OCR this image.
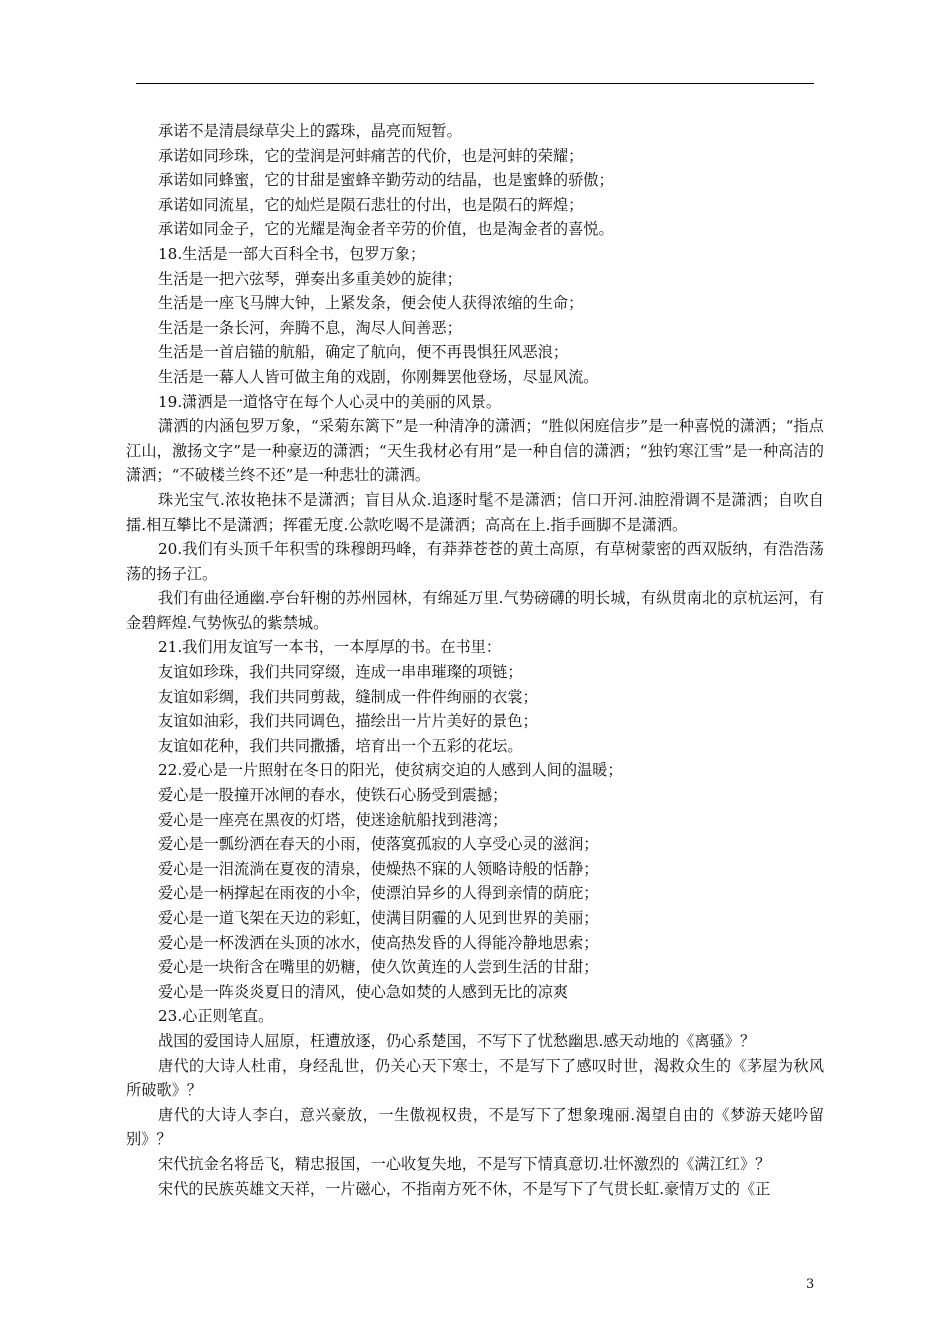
承诺不是清晨绿草尖上的露珠，晶亮而短暂。

承诺如同珍珠，它的莹润是河蚌痛苦的代价，也是河蚌的荣耀；

承诺如同蜂蜜，它的甘甜是蜜蜂辛勤劳动的结晶，也是蜜蜂的骄傲；

承诺如同流星，它的灿烂是陨石悲壮的付出，也是陨石的辉煌；

承诺如同金子，它的光耀是淘金者辛劳的价值，也是淘金者的喜悦。

18.生活是一部大百科全书，包罗万象；

生活是一把六弦琴，弹奏出多重美妙的旋律；

生活是一座飞马牌大钟，上紧发条，便会使人获得浓缩的生命；

生活是一条长河，奔腾不息，淘尽人间善恶；

生活是一首启锚的航船，确定了航向，便不再畏惧狂风恶浪；

生活是一幕人人皆可做主角的戏剧，你刚舞罢他登场，尽显风流。

19.潇洒是一道恪守在每个人心灵中的美丽的风景。

潇洒的内涵包罗万象，“采菊东篱下”是一种清净的潇洒；“胜似闲庭信步”是一种喜悦的潇洒；“指点江山，激扬文字”是一种豪迈的潇洒；“天生我材必有用”是一种自信的潇洒；“独钓寒江雪”是一种高洁的潇洒；“不破楼兰终不还”是一种悲壮的潇洒。

珠光宝气.浓妆艳抹不是潇洒；盲目从众.追逐时髦不是潇洒；信口开河.油腔滑调不是潇洒；自吹自擂.相互攀比不是潇洒；挥霍无度.公款吃喝不是潇洒；高高在上.指手画脚不是潇洒。

20.我们有头顶千年积雪的珠穆朗玛峰，有莽莽苍苍的黄土高原，有草树蒙密的西双版纳，有浩浩荡荡的扬子江。

我们有曲径通幽.亭台轩榭的苏州园林，有绵延万里.气势磅礴的明长城，有纵贯南北的京杭运河，有金碧辉煌.气势恢弘的紫禁城。

21.我们用友谊写一本书，一本厚厚的书。在书里：

友谊如珍珠，我们共同穿缀，连成一串串璀璨的项链；

友谊如彩绸，我们共同剪裁，缝制成一件件绚丽的衣裳；

友谊如油彩，我们共同调色，描绘出一片片美好的景色；

友谊如花种，我们共同撒播，培育出一个五彩的花坛。

22.爱心是一片照射在冬日的阳光，使贫病交迫的人感到人间的温暖；

爱心是一股撞开冰闸的春水，使铁石心肠受到震撼；

爱心是一座亮在黑夜的灯塔，使迷途航船找到港湾；

爱心是一瓢纷洒在春天的小雨，使落寞孤寂的人享受心灵的滋润；

爱心是一泪流淌在夏夜的清泉，使燥热不寐的人领略诗般的恬静；

爱心是一柄撑起在雨夜的小伞，使漂泊异乡的人得到亲情的荫庇；

爱心是一道飞架在天边的彩虹，使满目阴霾的人见到世界的美丽；

爱心是一杯泼洒在头顶的冰水，使高热发昏的人得能冷静地思索；

爱心是一块衔含在嘴里的奶糖，使久饮黄连的人尝到生活的甘甜；

爱心是一阵炎炎夏日的清风，使心急如焚的人感到无比的凉爽

23.心正则笔直。

战国的爱国诗人屈原，枉遭放逐，仍心系楚国，不写下了忧愁幽思.感天动地的《离骚》？

唐代的大诗人杜甫，身经乱世，仍关心天下寒士，不是写下了感叹时世，渴救众生的《茅屋为秋风所破歌》？

唐代的大诗人李白，意兴豪放，一生傲视权贵，不是写下了想象瑰丽.渴望自由的《梦游天姥吟留别》？

宋代抗金名将岳飞，精忠报国，一心收复失地，不是写下情真意切.壮怀激烈的《满江红》？

宋代的民族英雄文天祥，一片磁心，不指南方死不休，不是写下了气贯长虹.豪情万丈的《正

3
